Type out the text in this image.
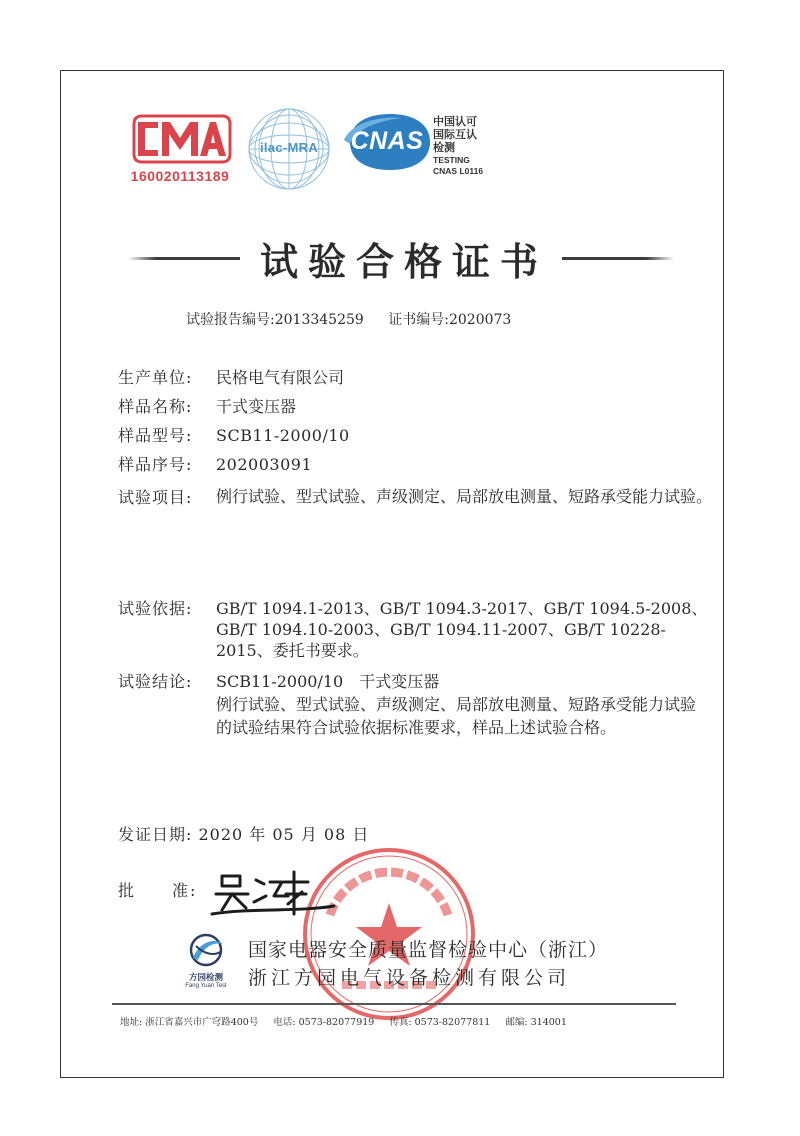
160020113189
ilac-MRA	CNAS
中国认可
国际互认
检测
TESTING
CNAS L0116
试验合格证书
试验报告编号:2013345259 证书编号:2020073
生产单位: 民格电气有限公司
样品名称: 干式变压器
样品型号: SCB11-2000/10
样品序号: 202003091
试验项目: 例行试验、型式试验、声级测定、局部放电测量、短路承受能力试验。
试验依据: GB/T 1094.1-2013、GB/T 1094.3-2017、GB/T 1094.5-2008、GB/T 1094.10-2003、GB/T 1094.11-2007、GB/T 10228-2015、委托书要求。
试验结论: SCB11-2000/10　干式变压器
例行试验、型式试验、声级测定、局部放电测量、短路承受能力试验的试验结果符合试验依据标准要求，样品上述试验合格。
发证日期: 2020 年 05 月 08 日
批　　准:
方园检测
Fang Yuan Test
国家电器安全质量监督检验中心（浙江）
浙江方园电气设备检测有限公司
地址: 浙江省嘉兴市广穹路400号 电话: 0573-82077919 传真: 0573-82077811 邮编: 314001
